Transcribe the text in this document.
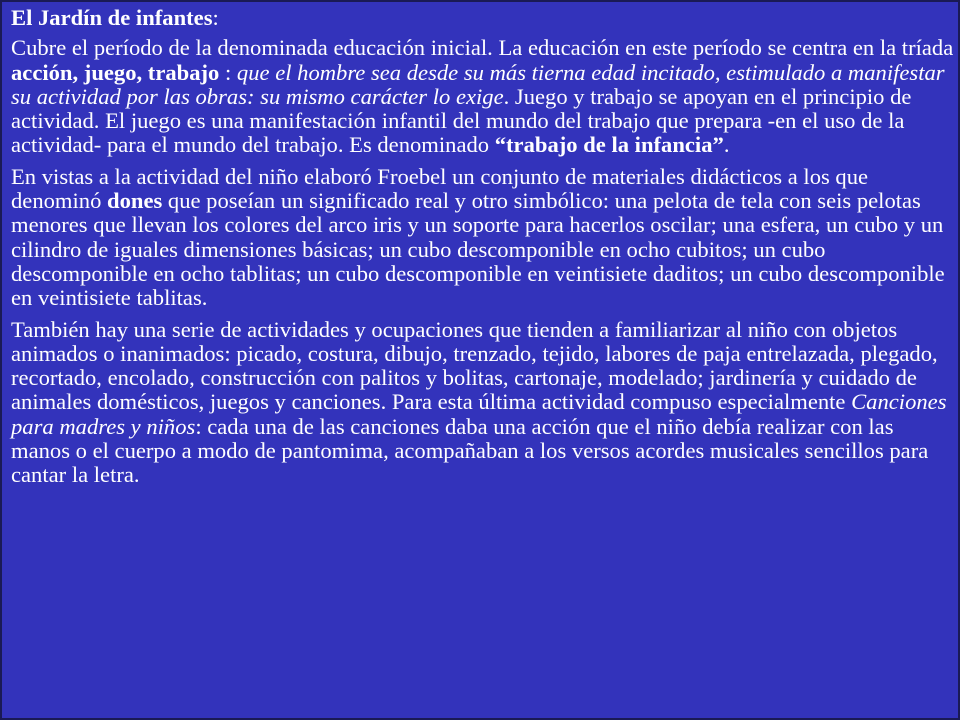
El Jardín de infantes:

Cubre el período de la denominada educación inicial. La educación en este período se centra en la tríada acción, juego, trabajo : que el hombre sea desde su más tierna edad incitado, estimulado a manifestar su actividad por las obras: su mismo carácter lo exige. Juego y trabajo se apoyan en el principio de actividad. El juego es una manifestación infantil del mundo del trabajo que prepara -en el uso de la actividad- para el mundo del trabajo. Es denominado “trabajo de la infancia”.

En vistas a la actividad del niño elaboró Froebel un conjunto de materiales didácticos a los que denominó dones que poseían un significado real y otro simbólico: una pelota de tela con seis pelotas menores que llevan los colores del arco iris y un soporte para hacerlos oscilar; una esfera, un cubo y un cilindro de iguales dimensiones básicas; un cubo descomponible en ocho cubitos; un cubo descomponible en ocho tablitas; un cubo descomponible en veintisiete daditos; un cubo descomponible en veintisiete tablitas.

También hay una serie de actividades y ocupaciones que tienden a familiarizar al niño con objetos animados o inanimados: picado, costura, dibujo, trenzado, tejido, labores de paja entrelazada, plegado, recortado, encolado, construcción con palitos y bolitas, cartonaje, modelado; jardinería y cuidado de animales domésticos, juegos y canciones. Para esta última actividad compuso especialmente Canciones para madres y niños: cada una de las canciones daba una acción que el niño debía realizar con las manos o el cuerpo a modo de pantomima, acompañaban a los versos acordes musicales sencillos para cantar la letra.
